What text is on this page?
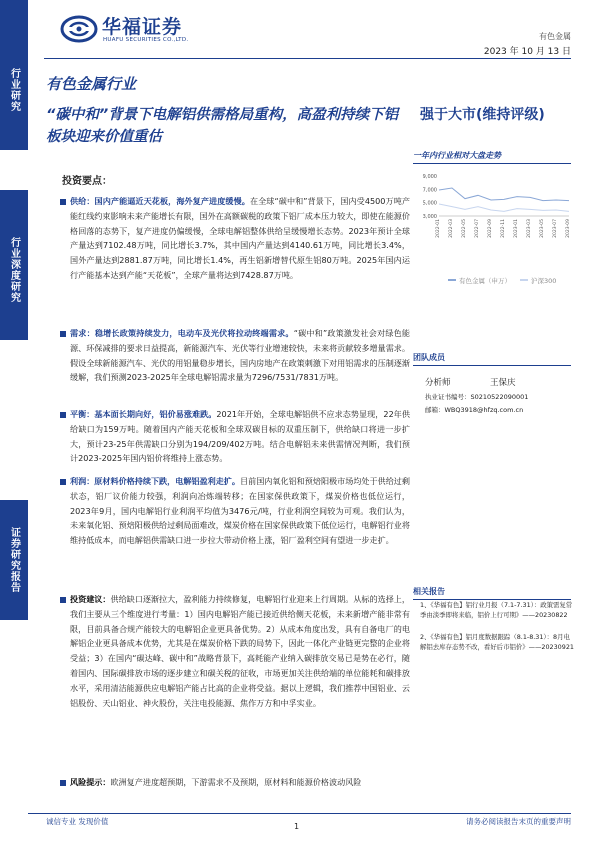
华福证券
HUAFU SECURITIES CO.,LTD.	有色金属
2023 年 10 月 13 日
行业研究
行业深度研究
证券研究报告
有色金属行业
“碳中和”背景下电解铝供需格局重构，高盈利持续下铝板块迎来价值重估
强于大市(维持评级)
投资要点：
供给：国内产能逼近天花板，海外复产进度缓慢。在全球“碳中和”背景下，国内受4500万吨产能红线约束影响未来产能增长有限，国外在高额碳税的政策下铝厂成本压力较大，即使在能源价格回落的态势下，复产进度仍偏缓慢，全球电解铝整体供给呈缓慢增长态势。2023年预计全球产量达到7102.48万吨，同比增长3.7%，其中国内产量达到4140.61万吨，同比增长3.4%，国外产量达到2881.87万吨，同比增长1.4%，再生铝新增替代原生铝80万吨。2025年国内运行产能基本达到产能“天花板”，全球产量将达到7428.87万吨。
需求：稳增长政策持续发力，电动车及光伏将拉动终端需求。“碳中和”政策激发社会对绿色能源、环保减排的要求日益提高，新能源汽车、光伏等行业增速较快，未来将贡献较多增量需求。假设全球新能源汽车、光伏的用铝量稳步增长，国内房地产在政策刺激下对用铝需求的压制逐渐缓解，我们预测2023-2025年全球电解铝需求量为7296/7531/7831万吨。
平衡：基本面长期向好，铝价易涨难跌。2021年开始，全球电解铝供不应求态势显现，22年供给缺口为159万吨。随着国内产能天花板和全球双碳目标的双重压制下，供给缺口将进一步扩大，预计23-25年供需缺口分别为194/209/402万吨。结合电解铝未来供需情况判断，我们预计2023-2025年国内铝价将维持上涨态势。
利润：原材料价格持续下跌，电解铝盈利走扩。目前国内氧化铝和预焙阳极市场均处于供给过剩状态，铝厂议价能力较强，利润向冶炼端转移；在国家保供政策下，煤炭价格也低位运行，2023年9月，国内电解铝行业利润平均值为3476元/吨，行业利润空间较为可观。我们认为，未来氧化铝、预焙阳极供给过剩局面难改，煤炭价格在国家保供政策下低位运行，电解铝行业将维持低成本，而电解铝供需缺口进一步拉大带动价格上涨，铝厂盈利空间有望进一步走扩。
投资建议：供给缺口逐渐拉大，盈利能力持续修复，电解铝行业迎来上行周期。从标的选择上，我们主要从三个维度进行考量：1）国内电解铝产能已接近供给侧天花板，未来新增产能非常有限，目前具备合规产能较大的电解铝企业更具备优势。2）从成本角度出发，具有自备电厂的电解铝企业更具备成本优势，尤其是在煤炭价格下跌的局势下，因此一体化产业链更完整的企业将受益；3）在国内“碳达峰、碳中和”战略背景下，高耗能产业纳入碳排放交易已是势在必行，随着国内、国际碳排放市场的逐步建立和碳关税的征收，市场更加关注供给端的单位能耗和碳排放水平，采用清洁能源供应电解铝产能占比高的企业将受益。据以上逻辑，我们推荐中国铝业、云铝股份、天山铝业、神火股份，关注电投能源、焦作万方和中孚实业。
风险提示：欧洲复产进度超预期，下游需求不及预期，原材料和能源价格波动风险
一年内行业相对大盘走势
9,000
7,000
5,000
3,000
2022-01 2022-03 2022-05 2022-07 2022-09 2022-11 2023-01 2023-03 2023-05 2023-07 2023-09
有色金属（申万）	沪深300
团队成员
分析师	王保庆
执业证书编号：S0210522090001
邮箱：WBQ3918@hfzq.com.cn
相关报告
1、《华福有色】铝行业月报（7.1-7.31）：政策需复常季由淡季即将来临，铝价上行可期》——20230822
2、《华福有色】铝月度数据跟踪（8.1-8.31）：8月电解铝去库存态势不改，看好后市铝价》——20230921
诚信专业 发现价值	请务必阅读报告末页的重要声明
1
